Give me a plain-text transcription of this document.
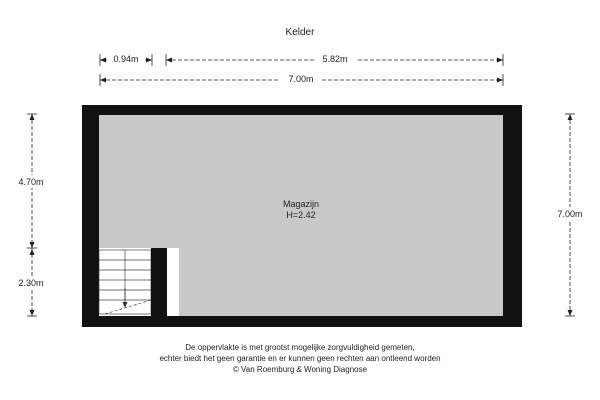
Kelder
0.94m	5.82m
7.00m
4.70m
2.30m
7.00m
Magazijn
H=2.42
De oppervlakte is met grootst mogelijke zorgvuldigheid gemeten,
echter biedt het geen garantie en er kunnen geen rechten aan ontleend worden
© Van Roemburg & Woning Diagnose
